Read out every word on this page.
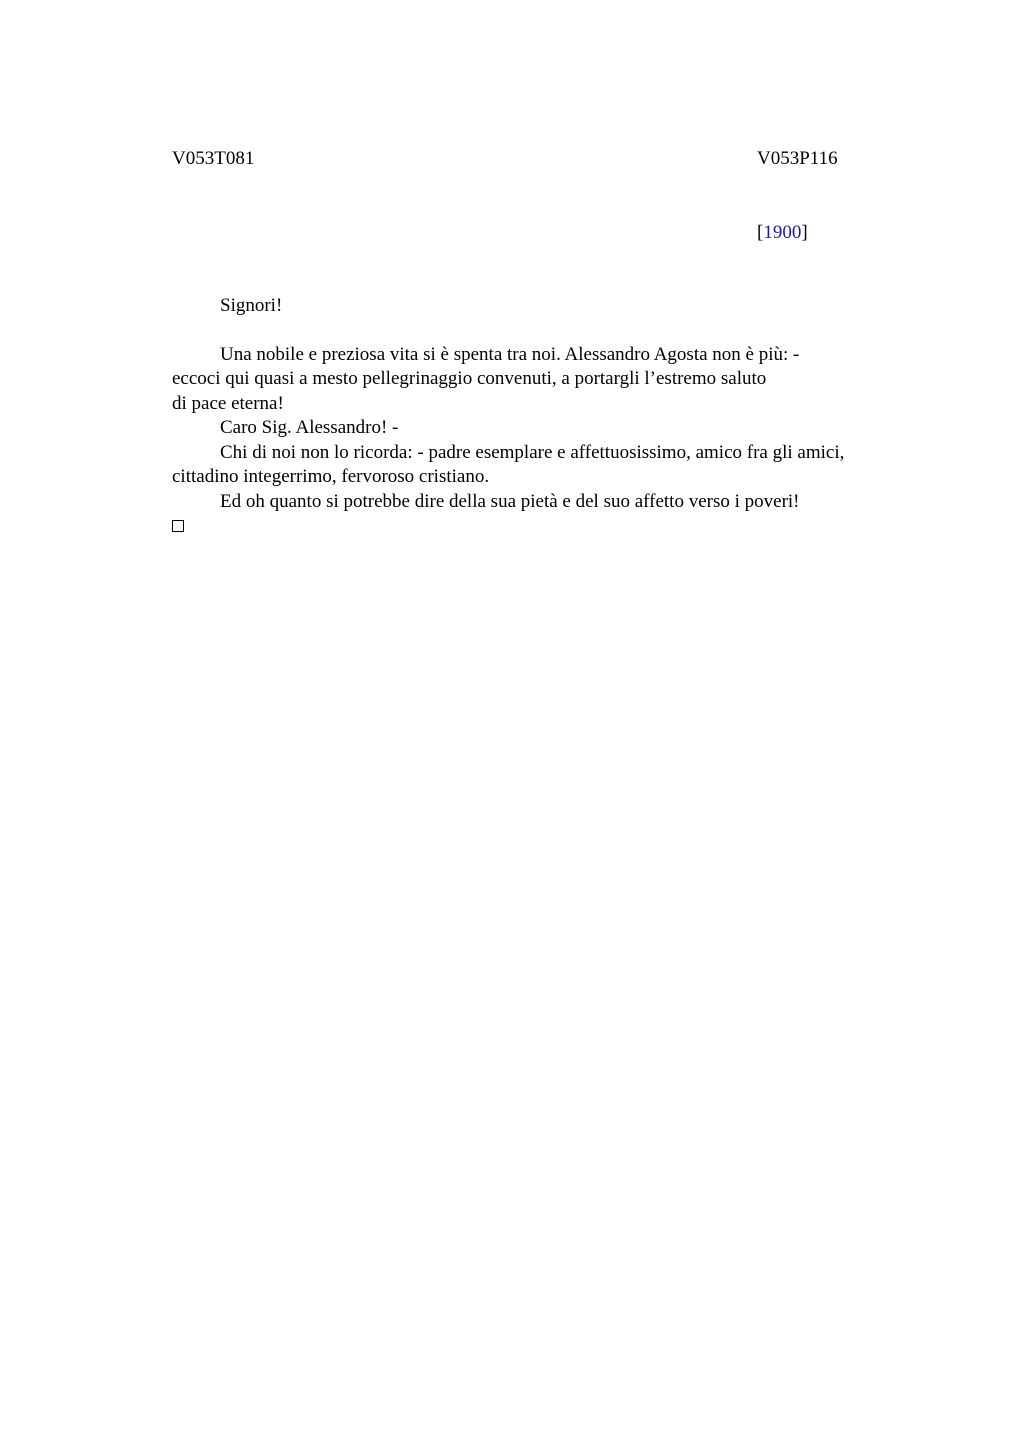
V053T081	V053P116
[1900]

Signori!

Una nobile e preziosa vita si è spenta tra noi. Alessandro Agosta non è più: -

eccoci qui quasi a mesto pellegrinaggio convenuti, a portargli l’estremo saluto

di pace eterna!

Caro Sig. Alessandro! -

Chi di noi non lo ricorda: - padre esemplare e affettuosissimo, amico fra gli amici,

cittadino integerrimo, fervoroso cristiano.

Ed oh quanto si potrebbe dire della sua pietà e del suo affetto verso i poveri!
